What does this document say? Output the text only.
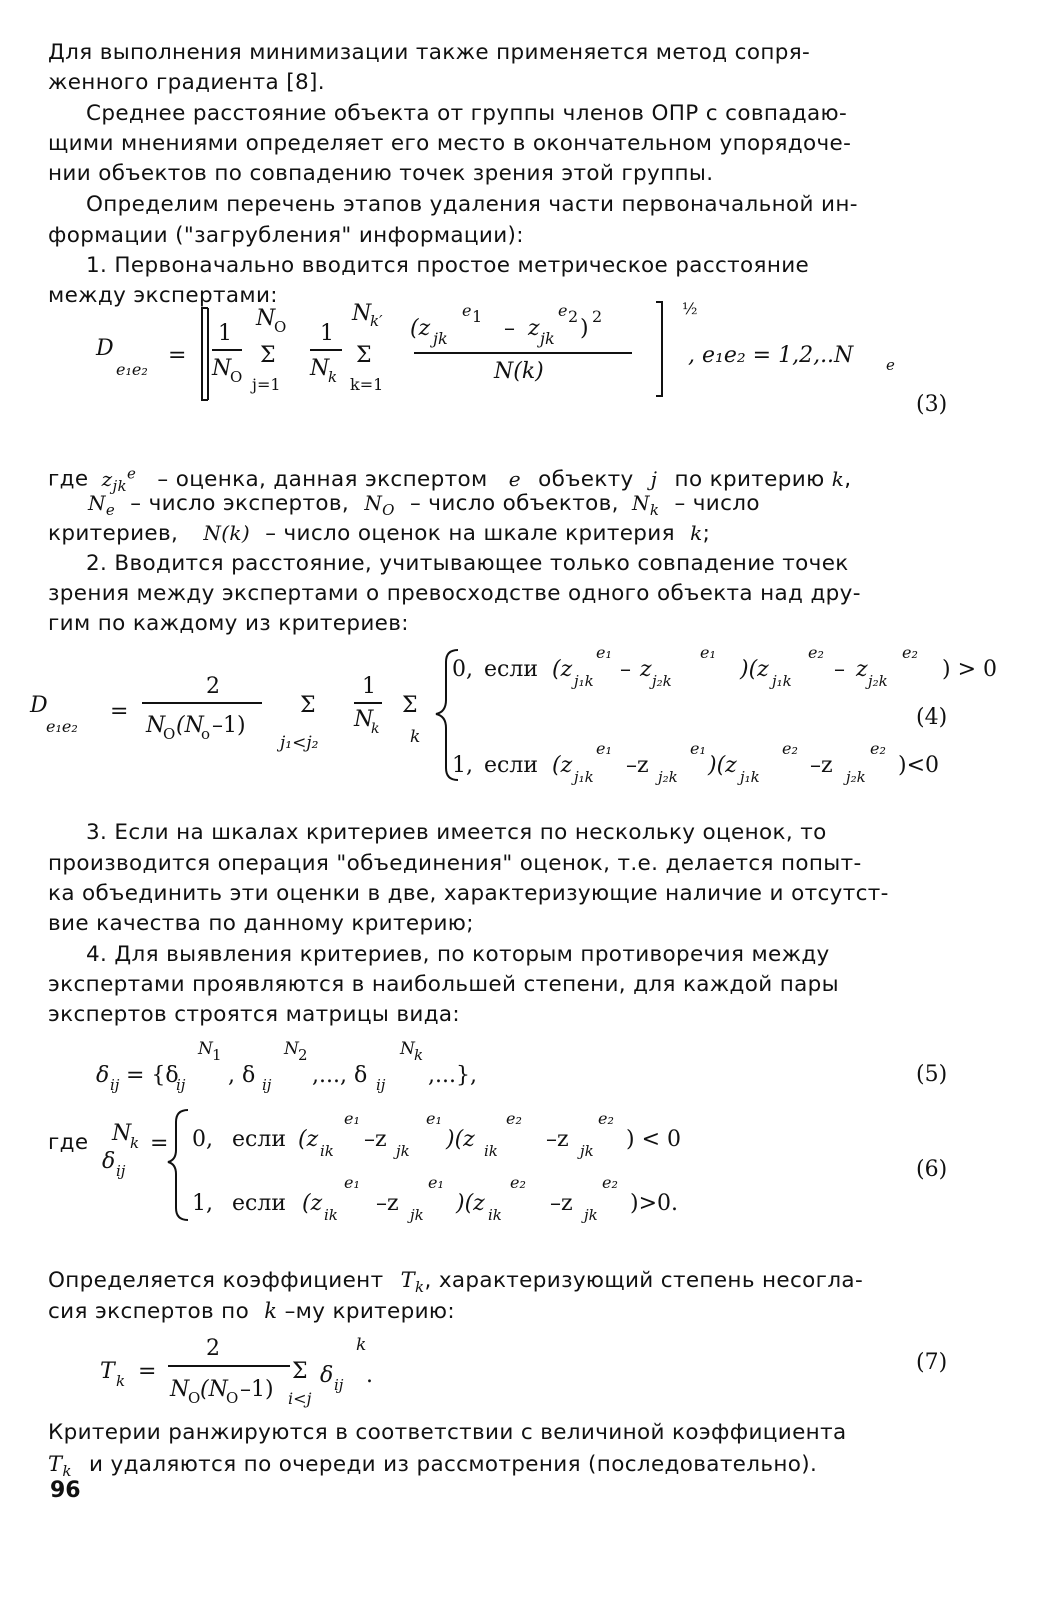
Для выполнения минимизации также применяется метод сопря-
женного градиента [8].
Среднее расстояние объекта от группы членов ОПР с совпадаю-
щими мнениями определяет его место в окончательном упорядоче-
нии объектов по совпадению точек зрения этой группы.
Определим перечень этапов удаления части первоначальной ин-
формации ("загрубления" информации):
1. Первоначально вводится простое метрическое расстояние
между экспертами:
где $z_{jk}^e$ – оценка, данная экспертом e объекту j по критерию k,
$N_e$ – число экспертов, $N_O$ – число объектов, $N_k$ – число
критериев, N(k) – число оценок на шкале критерия k;
2. Вводится расстояние, учитывающее только совпадение точек
зрения между экспертами о превосходстве одного объекта над дру-
гим по каждому из критериев:
3. Если на шкалах критериев имеется по нескольку оценок, то
производится операция "объединения" оценок, т.е. делается попыт-
ка объединить эти оценки в две, характеризующие наличие и отсутст-
вие качества по данному критерию;
4. Для выявления критериев, по которым противоречия между
экспертами проявляются в наибольшей степени, для каждой пары
экспертов строятся матрицы вида:
где
Определяется коэффициент $T_k$, характеризующий степень несогла-
сия экспертов по k –му критерию:
Критерии ранжируются в соответствии с величиной коэффициента
$T_k$ и удаляются по очереди из рассмотрения (последовательно).
96
(3)
(4)
(5)
(6)
(7)
D
e₁e₂
=
1
N
O
N
O
Σ
j=1
1
N
k
N
k′
Σ
k=1
(z jk
e 1 – z jk
e 2 ) 2
N(k)
½
, e₁e₂ = 1,2,..N e
D
e₁e₂
=
2
N
O (N
o –1)
Σ
j₁<j₂
1
N
k
Σ
k
0, если (z j₁k
e₁
– z j₂k
e₁
)(z j₁k
e₂
– z j₂k
e₂
) > 0
1, если (z j₁k
e₁
–z j₂k
e₁
)(z j₁k
e₂
–z j₂k
e₂
)<0
δ ij = {δ
ij
N 1
, δ ij
N 2
,..., δ ij
N k
,...},
N
k
δ ij
= 0, если (z ik
e₁
–z jk
e₁
)(z ik
e₂
–z jk
e₂
) < 0
1, если (z ik
e₁
–z jk
e₁
)(z ik
e₂
–z jk
e₂
)>0.
T k =
2
N
O (N
O –1)
Σ
i<j
δ ij
k
.
